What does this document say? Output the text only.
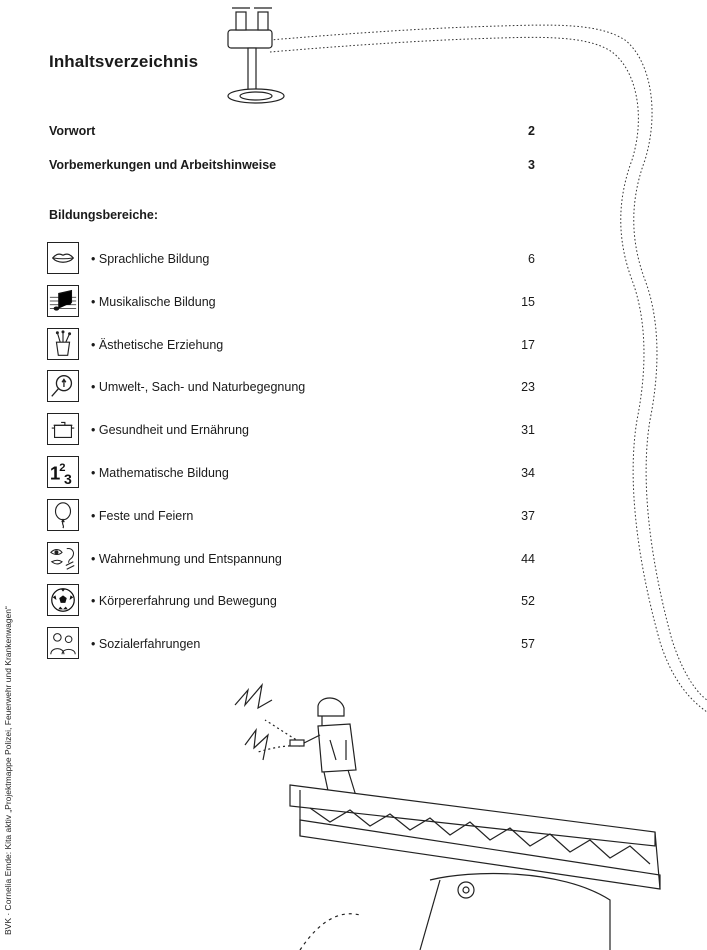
Inhaltsverzeichnis
Vorwort	2
Vorbemerkungen und Arbeitshinweise	3
Bildungsbereiche:
• Sprachliche Bildung	6
• Musikalische Bildung	15
• Ästhetische Erziehung	17
• Umwelt-, Sach- und Naturbegegnung	23
• Gesundheit und Ernährung	31
1
2
3 • Mathematische Bildung	34
• Feste und Feiern	37
• Wahrnehmung und Entspannung	44
• Körpererfahrung und Bewegung	52
• Sozialerfahrungen	57
BVK · Cornelia Emde: Kita aktiv „Projektmappe Polizei, Feuerwehr und Krankenwagen“
